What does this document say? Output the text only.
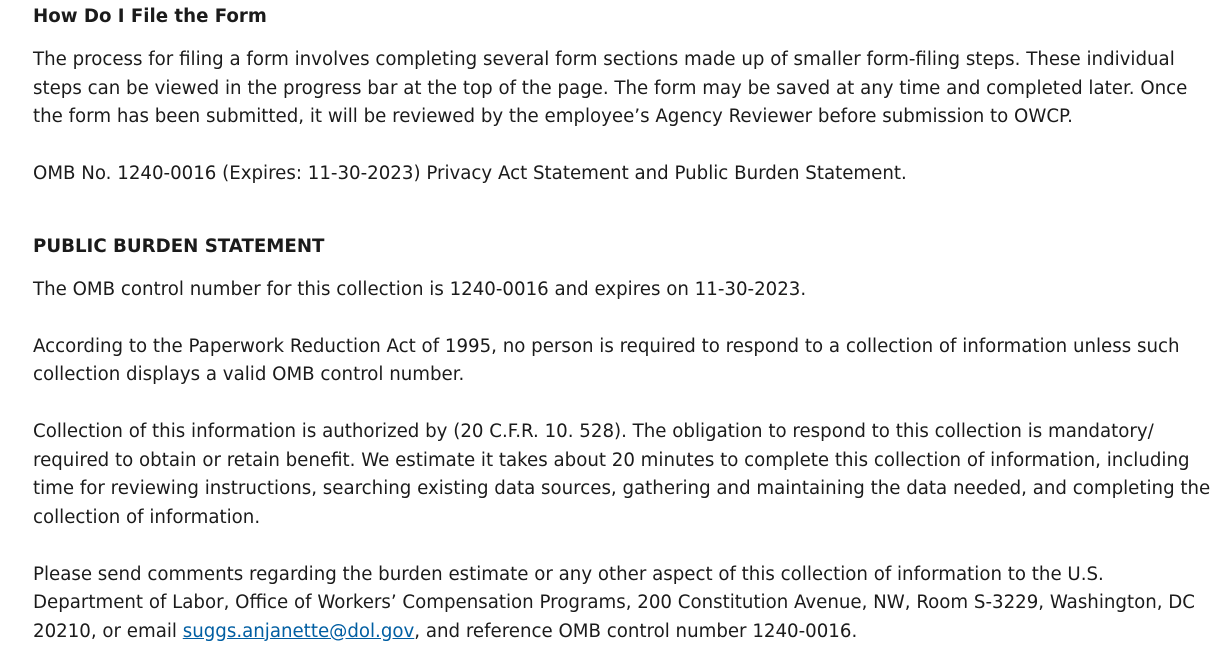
How Do I File the Form

The process for filing a form involves completing several form sections made up of smaller form-filing steps. These individual steps can be viewed in the progress bar at the top of the page. The form may be saved at any time and completed later. Once the form has been submitted, it will be reviewed by the employee’s Agency Reviewer before submission to OWCP.

OMB No. 1240-0016 (Expires: 11-30-2023) Privacy Act Statement and Public Burden Statement.

PUBLIC BURDEN STATEMENT

The OMB control number for this collection is 1240-0016 and expires on 11-30-2023.

According to the Paperwork Reduction Act of 1995, no person is required to respond to a collection of information unless such collection displays a valid OMB control number.

Collection of this information is authorized by (20 C.F.R. 10. 528). The obligation to respond to this collection is mandatory/ required to obtain or retain benefit. We estimate it takes about 20 minutes to complete this collection of information, including time for reviewing instructions, searching existing data sources, gathering and maintaining the data needed, and completing the collection of information.

Please send comments regarding the burden estimate or any other aspect of this collection of information to the U.S. Department of Labor, Office of Workers’ Compensation Programs, 200 Constitution Avenue, NW, Room S-3229, Washington, DC 20210, or email suggs.anjanette@dol.gov, and reference OMB control number 1240-0016.
